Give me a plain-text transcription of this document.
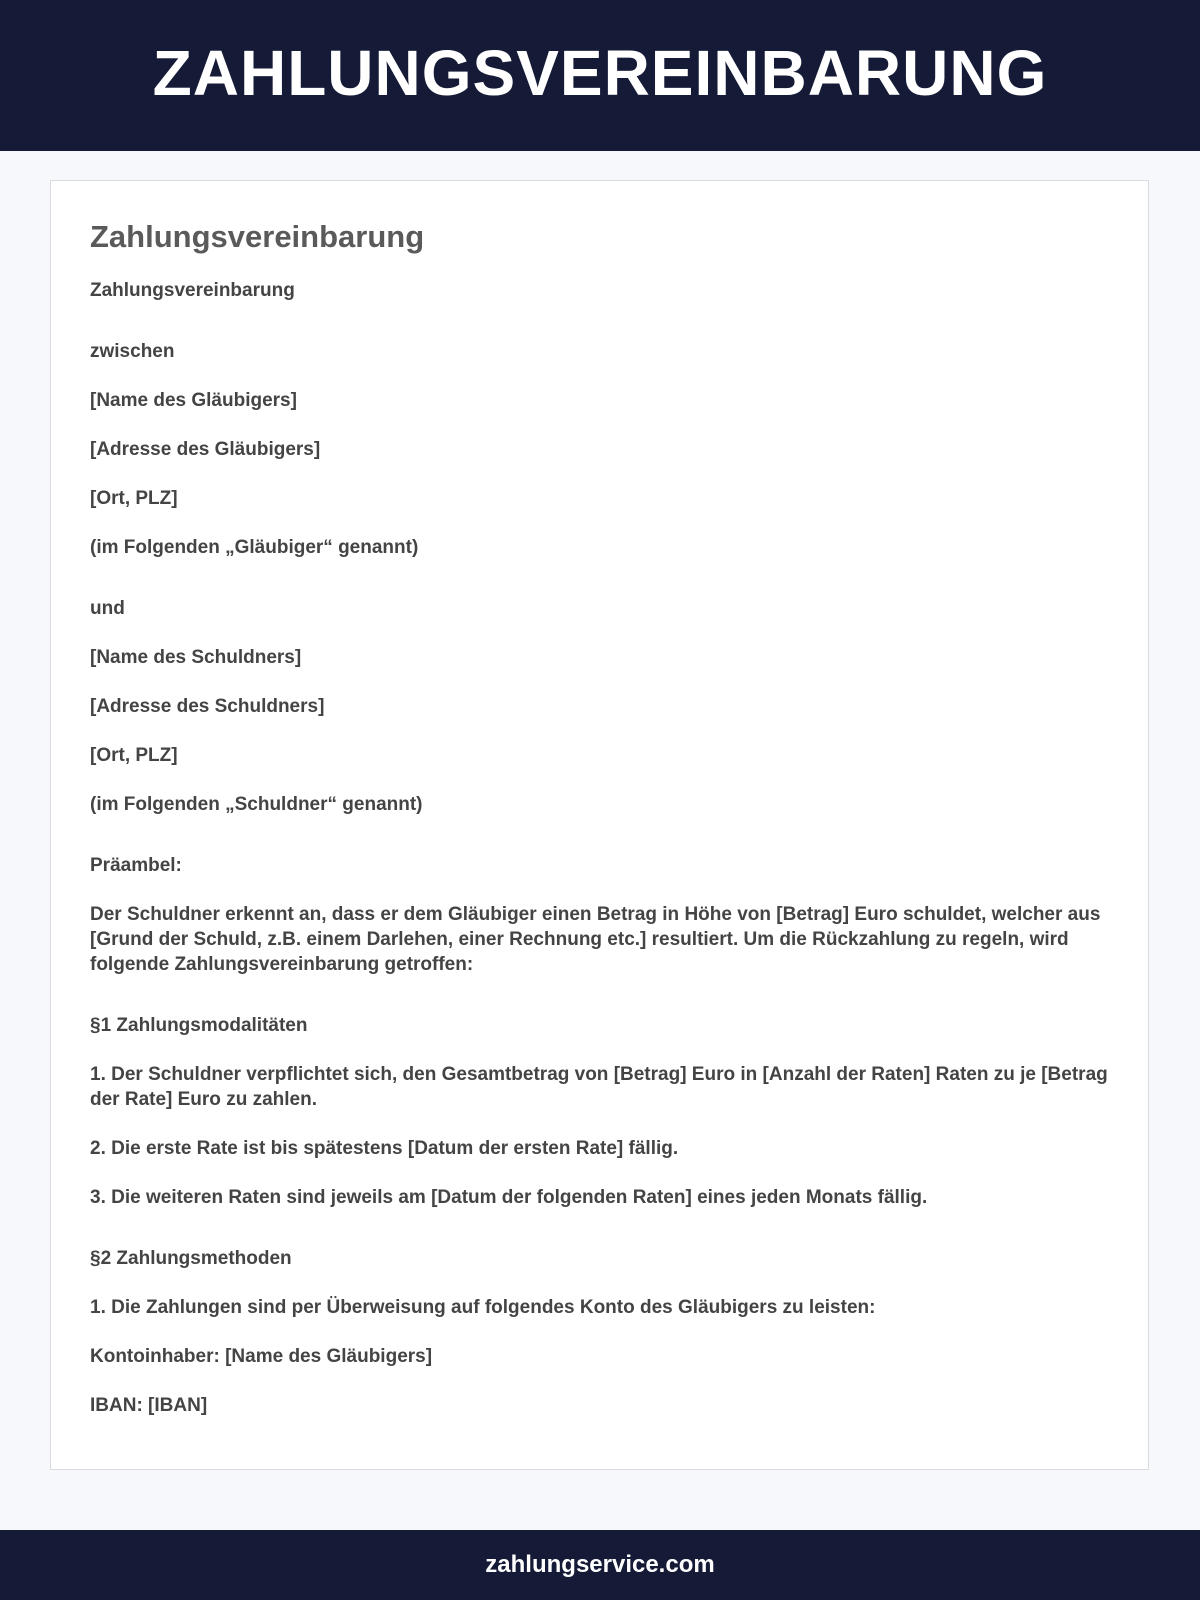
ZAHLUNGSVEREINBARUNG
Zahlungsvereinbarung

Zahlungsvereinbarung

zwischen

[Name des Gläubigers]

[Adresse des Gläubigers]

[Ort, PLZ]

(im Folgenden „Gläubiger“ genannt)

und

[Name des Schuldners]

[Adresse des Schuldners]

[Ort, PLZ]

(im Folgenden „Schuldner“ genannt)

Präambel:

Der Schuldner erkennt an, dass er dem Gläubiger einen Betrag in Höhe von [Betrag] Euro schuldet, welcher aus [Grund der Schuld, z.B. einem Darlehen, einer Rechnung etc.] resultiert. Um die Rückzahlung zu regeln, wird folgende Zahlungsvereinbarung getroffen:

§1 Zahlungsmodalitäten

1. Der Schuldner verpflichtet sich, den Gesamtbetrag von [Betrag] Euro in [Anzahl der Raten] Raten zu je [Betrag der Rate] Euro zu zahlen.

2. Die erste Rate ist bis spätestens [Datum der ersten Rate] fällig.

3. Die weiteren Raten sind jeweils am [Datum der folgenden Raten] eines jeden Monats fällig.

§2 Zahlungsmethoden

1. Die Zahlungen sind per Überweisung auf folgendes Konto des Gläubigers zu leisten:

Kontoinhaber: [Name des Gläubigers]

IBAN: [IBAN]

zahlungservice.com
